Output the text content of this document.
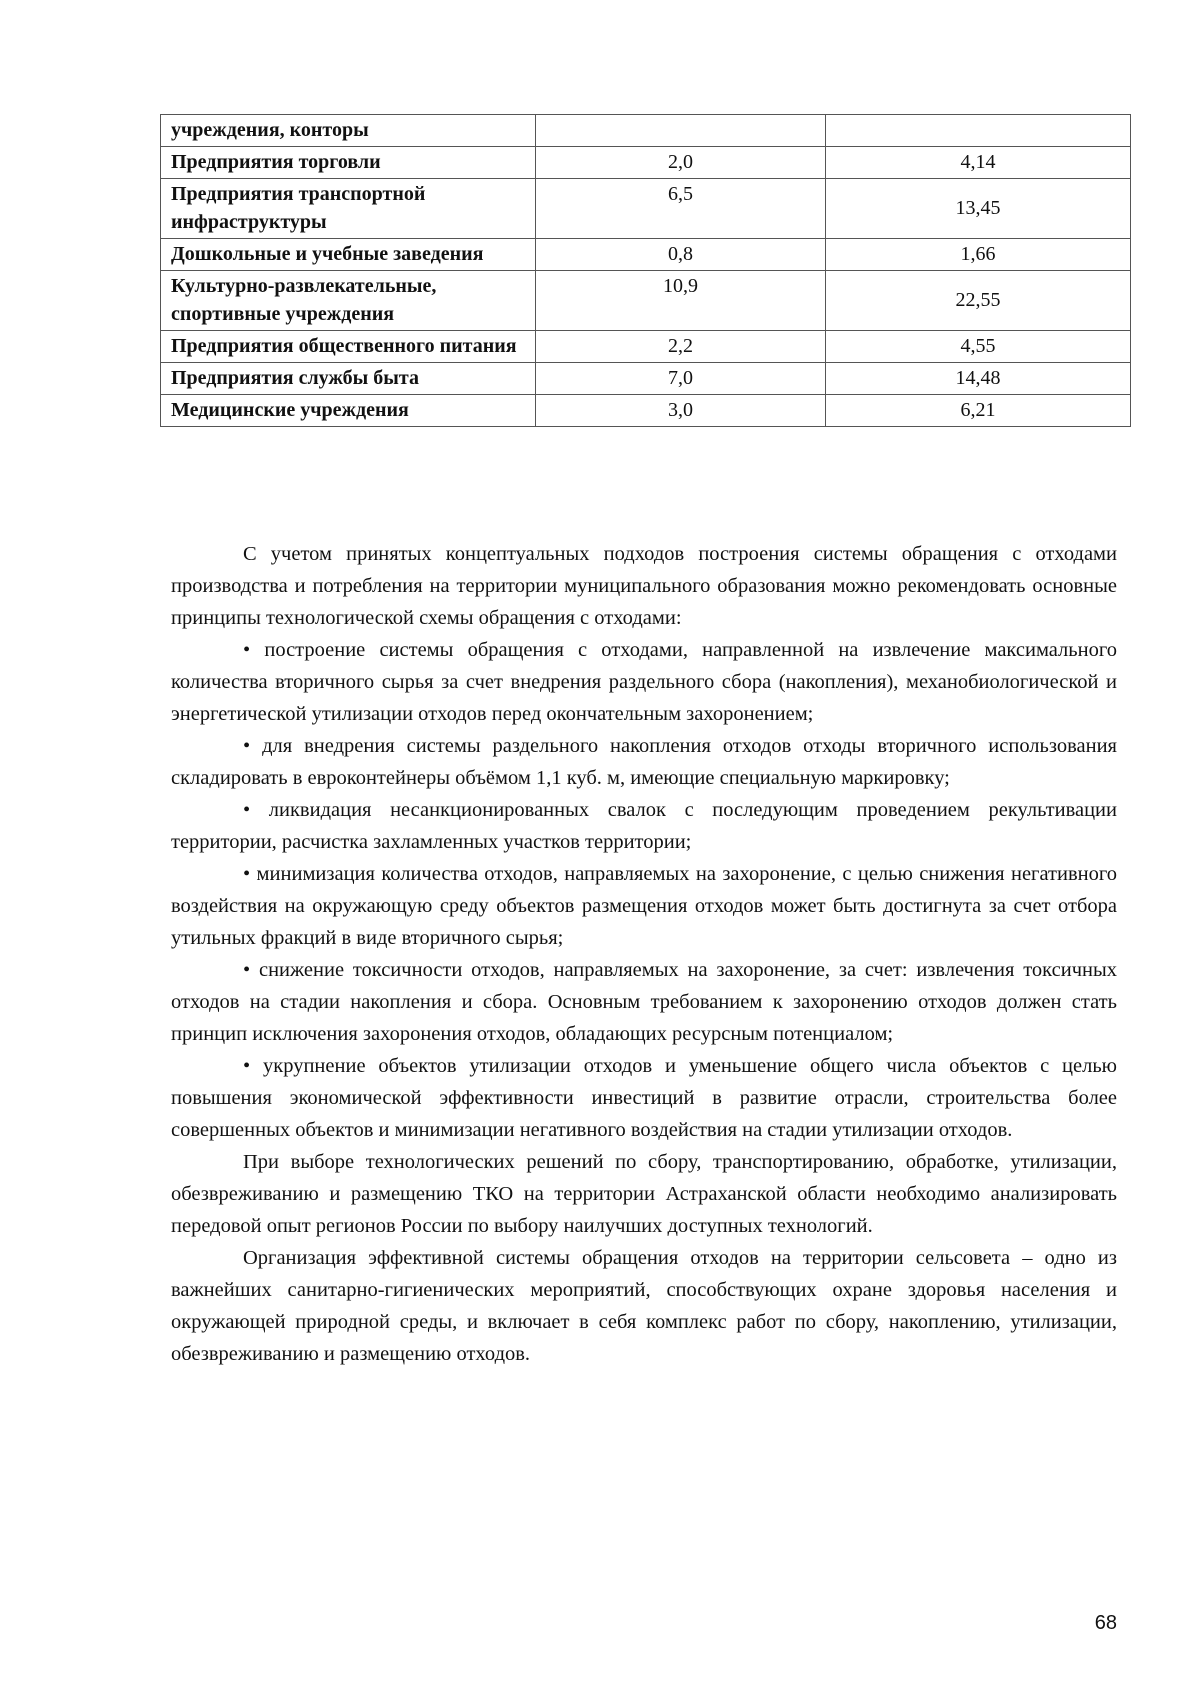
учреждения, конторы		
Предприятия торговли	2,0	4,14
Предприятия транспортной инфраструктуры	6,5	13,45
Дошкольные и учебные заведения	0,8	1,66
Культурно-развлекательные, спортивные учреждения	10,9	22,55
Предприятия общественного питания	2,2	4,55
Предприятия службы быта	7,0	14,48
Медицинские учреждения	3,0	6,21

С учетом принятых концептуальных подходов построения системы обращения с отходами производства и потребления на территории муниципального образования можно рекомендовать основные принципы технологической схемы обращения с отходами:

• построение системы обращения с отходами, направленной на извлечение максимального количества вторичного сырья за счет внедрения раздельного сбора (накопления), механобиологической и энергетической утилизации отходов перед окончательным захоронением;

• для внедрения системы раздельного накопления отходов отходы вторичного использования складировать в евроконтейнеры объёмом 1,1 куб. м, имеющие специальную маркировку;

• ликвидация несанкционированных свалок с последующим проведением рекультивации территории, расчистка захламленных участков территории;

• минимизация количества отходов, направляемых на захоронение, с целью снижения негативного воздействия на окружающую среду объектов размещения отходов может быть достигнута за счет отбора утильных фракций в виде вторичного сырья;

• снижение токсичности отходов, направляемых на захоронение, за счет: извлечения токсичных отходов на стадии накопления и сбора. Основным требованием к захоронению отходов должен стать принцип исключения захоронения отходов, обладающих ресурсным потенциалом;

• укрупнение объектов утилизации отходов и уменьшение общего числа объектов с целью повышения экономической эффективности инвестиций в развитие отрасли, строительства более совершенных объектов и минимизации негативного воздействия на стадии утилизации отходов.

При выборе технологических решений по сбору, транспортированию, обработке, утилизации, обезвреживанию и размещению ТКО на территории Астраханской области необходимо анализировать передовой опыт регионов России по выбору наилучших доступных технологий.

Организация эффективной системы обращения отходов на территории сельсовета – одно из важнейших санитарно-гигиенических мероприятий, способствующих охране здоровья населения и окружающей природной среды, и включает в себя комплекс работ по сбору, накоплению, утилизации, обезвреживанию и размещению отходов.

68
